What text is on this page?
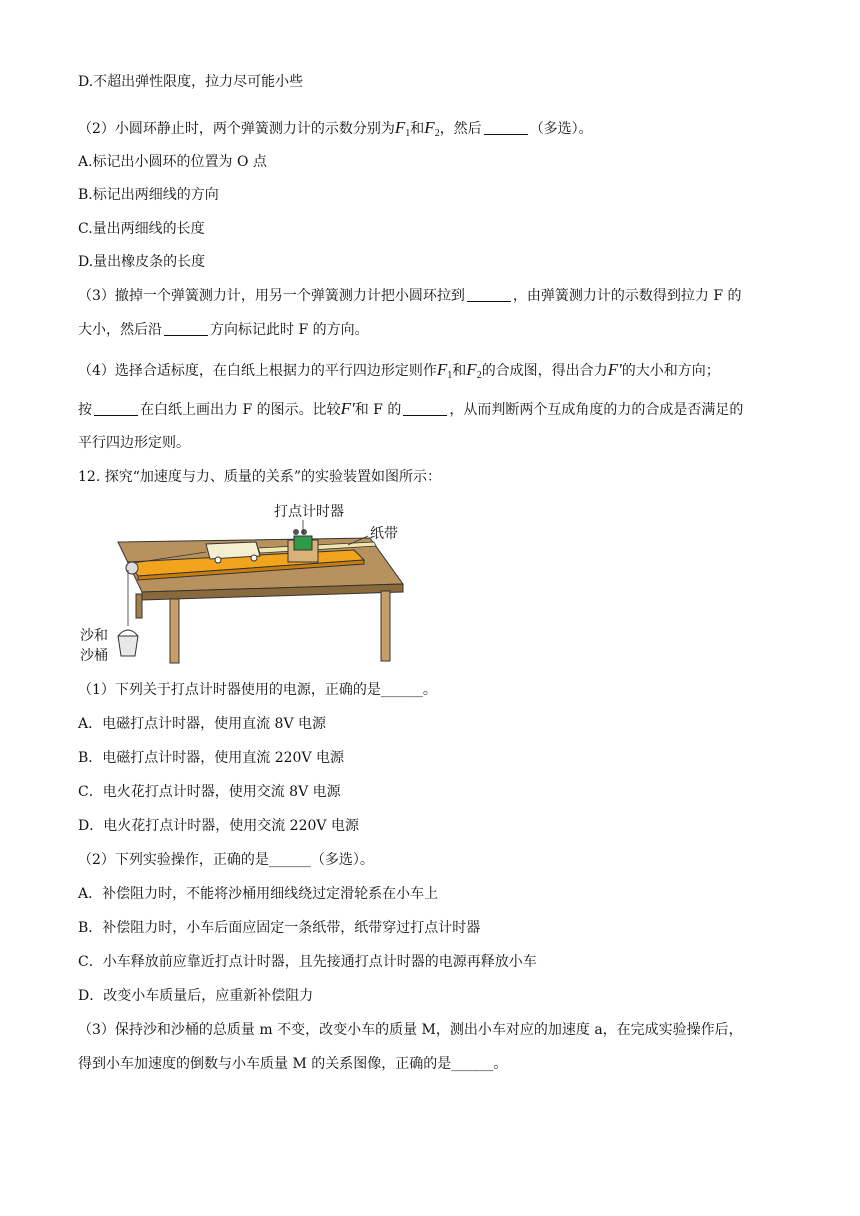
D.不超出弹性限度，拉力尽可能小些
（2）小圆环静止时，两个弹簧测力计的示数分别为$F_1$和$F_2$，然后	（多选）。
A.标记出小圆环的位置为 O 点
B.标记出两细线的方向
C.量出两细线的长度
D.量出橡皮条的长度
（3）撤掉一个弹簧测力计，用另一个弹簧测力计把小圆环拉到	，由弹簧测力计的示数得到拉力 F 的
大小，然后沿	方向标记此时 F 的方向。
（4）选择合适标度，在白纸上根据力的平行四边形定则作$F_1$和$F_2$的合成图，得出合力F′的大小和方向；
按	在白纸上画出力 F 的图示。比较F′和 F 的	，从而判断两个互成角度的力的合成是否满足的
平行四边形定则。
12. 探究“加速度与力、质量的关系”的实验装置如图所示：
打点计时器
纸带
沙和
沙桶
（1）下列关于打点计时器使用的电源，正确的是______。
A．电磁打点计时器，使用直流 8V 电源
B．电磁打点计时器，使用直流 220V 电源
C．电火花打点计时器，使用交流 8V 电源
D．电火花打点计时器，使用交流 220V 电源
（2）下列实验操作，正确的是______（多选）。
A．补偿阻力时，不能将沙桶用细线绕过定滑轮系在小车上
B．补偿阻力时，小车后面应固定一条纸带，纸带穿过打点计时器
C．小车释放前应靠近打点计时器，且先接通打点计时器的电源再释放小车
D．改变小车质量后，应重新补偿阻力
（3）保持沙和沙桶的总质量 m 不变，改变小车的质量 M，测出小车对应的加速度 a，在完成实验操作后，
得到小车加速度的倒数与小车质量 M 的关系图像，正确的是______。
